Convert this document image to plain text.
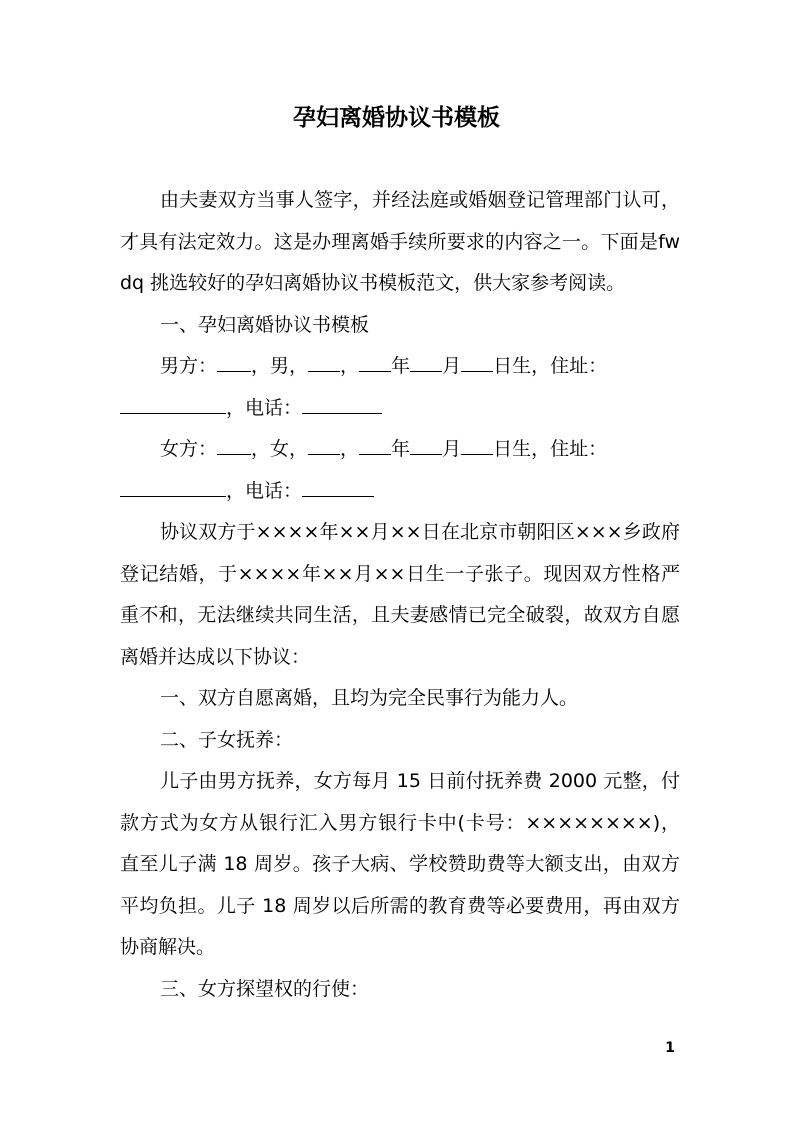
孕妇离婚协议书模板

由夫妻双方当事人签字，并经法庭或婚姻登记管理部门认可，才具有法定效力。这是办理离婚手续所要求的内容之一。下面是fwdq 挑选较好的孕妇离婚协议书模板范文，供大家参考阅读。

一、孕妇离婚协议书模板

男方： ，男， ， 年 月 日生，住址：
，电话：

女方： ，女， ， 年 月 日生，住址：
，电话：

协议双方于××××年××月××日在北京市朝阳区×××乡政府登记结婚，于××××年××月××日生一子张子。现因双方性格严重不和，无法继续共同生活，且夫妻感情已完全破裂，故双方自愿离婚并达成以下协议：

一、双方自愿离婚，且均为完全民事行为能力人。

二、子女抚养：

儿子由男方抚养，女方每月 15 日前付抚养费 2000 元整，付款方式为女方从银行汇入男方银行卡中(卡号：××××××××)，直至儿子满 18 周岁。孩子大病、学校赞助费等大额支出，由双方平均负担。儿子 18 周岁以后所需的教育费等必要费用，再由双方协商解决。

三、女方探望权的行使：

1
